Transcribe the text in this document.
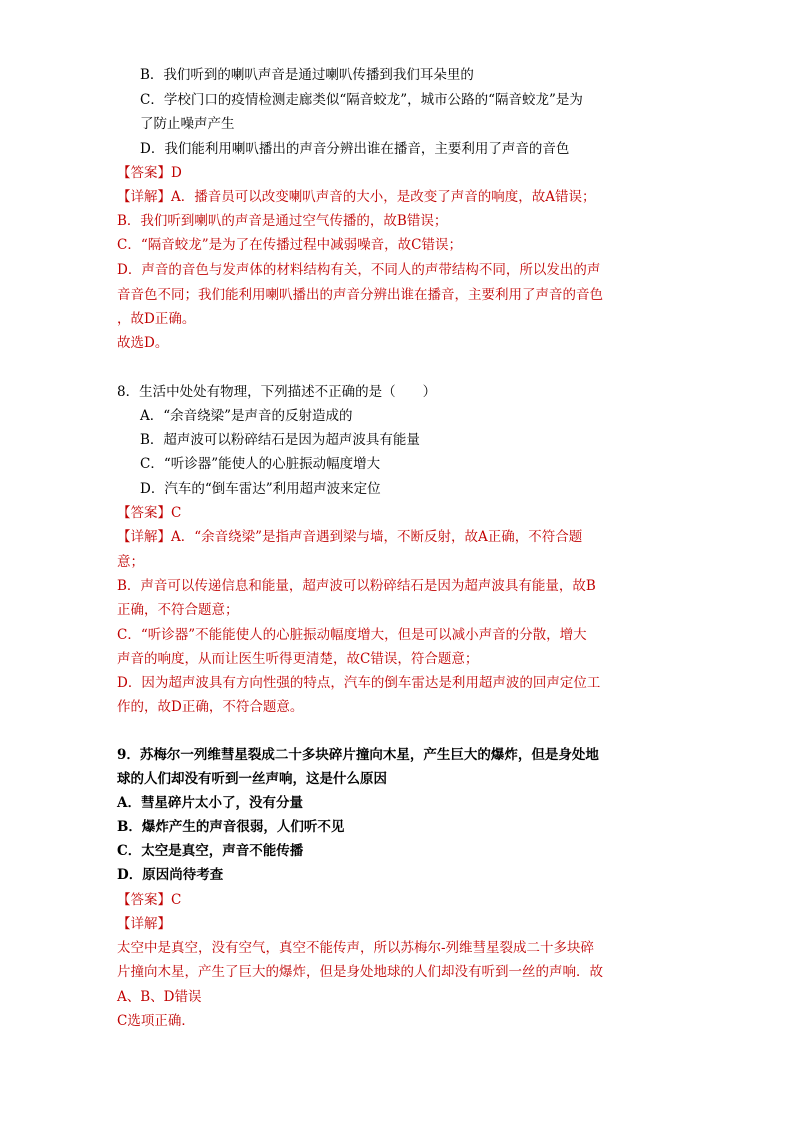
B．我们听到的喇叭声音是通过喇叭传播到我们耳朵里的
C．学校门口的疫情检测走廊类似“隔音蛟龙”，城市公路的“隔音蛟龙”是为
了防止噪声产生
D．我们能利用喇叭播出的声音分辨出谁在播音，主要利用了声音的音色
【答案】D
【详解】A．播音员可以改变喇叭声音的大小，是改变了声音的响度，故A错误；
B．我们听到喇叭的声音是通过空气传播的，故B错误；
C．“隔音蛟龙”是为了在传播过程中减弱噪音，故C错误；
D．声音的音色与发声体的材料结构有关，不同人的声带结构不同，所以发出的声
音音色不同；我们能利用喇叭播出的声音分辨出谁在播音，主要利用了声音的音色
，故D正确。
故选D。
8．生活中处处有物理，下列描述不正确的是（　　）
A．“余音绕梁”是声音的反射造成的
B．超声波可以粉碎结石是因为超声波具有能量
C．“听诊器”能使人的心脏振动幅度增大
D．汽车的“倒车雷达”利用超声波来定位
【答案】C
【详解】A．“余音绕梁”是指声音遇到梁与墙，不断反射，故A正确，不符合题
意；
B．声音可以传递信息和能量，超声波可以粉碎结石是因为超声波具有能量，故B
正确，不符合题意；
C．“听诊器”不能能使人的心脏振动幅度增大，但是可以减小声音的分散，增大
声音的响度，从而让医生听得更清楚，故C错误，符合题意；
D．因为超声波具有方向性强的特点，汽车的倒车雷达是利用超声波的回声定位工
作的，故D正确，不符合题意。
9．苏梅尔一列维彗星裂成二十多块碎片撞向木星，产生巨大的爆炸，但是身处地
球的人们却没有听到一丝声响，这是什么原因
A．彗星碎片太小了，没有分量
B．爆炸产生的声音很弱，人们听不见
C．太空是真空，声音不能传播
D．原因尚待考查
【答案】C
【详解】
太空中是真空，没有空气，真空不能传声，所以苏梅尔-列维彗星裂成二十多块碎
片撞向木星，产生了巨大的爆炸，但是身处地球的人们却没有听到一丝的声响．故
A、B、D错误
C选项正确．
